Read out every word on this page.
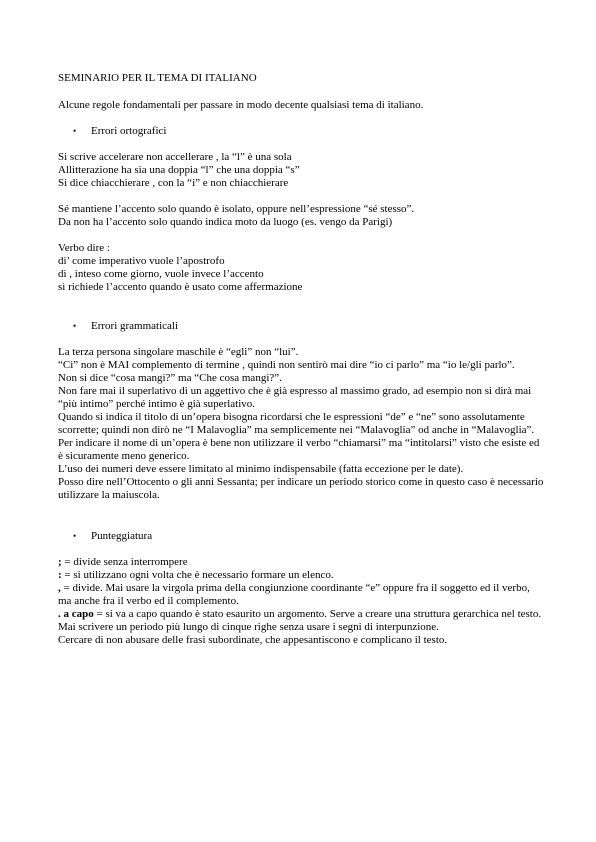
SEMINARIO PER IL TEMA DI ITALIANO

Alcune regole fondamentali per passare in modo decente qualsiasi tema di italiano.

• Errori ortografici

Si scrive accelerare non accellerare , la “l” è una sola

Allitterazione ha sia una doppia “l” che una doppia “s”

Si dice chiacchierare , con la “i” e non chiacchierare

Sé mantiene l’accento solo quando è isolato, oppure nell’espressione “sé stesso”.

Da non ha l’accento solo quando indica moto da luogo (es. vengo da Parigi)

Verbo dire :

di’ come imperativo vuole l’apostrofo

dì , inteso come giorno, vuole invece l’accento

sì richiede l’accento quando è usato come affermazione

• Errori grammaticali

La terza persona singolare maschile è “egli” non “lui”.

“Ci” non è MAI complemento di termine , quindi non sentirò mai dire “io ci parlo” ma “io le/gli parlo”.

Non si dice “cosa mangi?” ma “Che cosa mangi?”.

Non fare mai il superlativo di un aggettivo che è già espresso al massimo grado, ad esempio non si dirà mai “più intimo” perché intimo è già superlativo.

Quando si indica il titolo di un’opera bisogna ricordarsi che le espressioni “de” e “ne” sono assolutamente scorrette; quindi non dirò ne “I Malavoglia” ma semplicemente nei “Malavoglia” od anche in “Malavoglia”.

Per indicare il nome di un’opera è bene non utilizzare il verbo “chiamarsi” ma “intitolarsi” visto che esiste ed è sicuramente meno generico.

L’uso dei numeri deve essere limitato al minimo indispensabile (fatta eccezione per le date).

Posso dire nell’Ottocento o gli anni Sessanta; per indicare un periodo storico come in questo caso è necessario utilizzare la maiuscola.

• Punteggiatura

; = divide senza interrompere

: = si utilizzano ogni volta che è necessario formare un elenco.

, = divide. Mai usare la virgola prima della congiunzione coordinante “e” oppure fra il soggetto ed il verbo, ma anche fra il verbo ed il complemento.

. a capo = si va a capo quando è stato esaurito un argomento. Serve a creare una struttura gerarchica nel testo.

Mai scrivere un periodo più lungo di cinque righe senza usare i segni di interpunzione.

Cercare di non abusare delle frasi subordinate, che appesantiscono e complicano il testo.
